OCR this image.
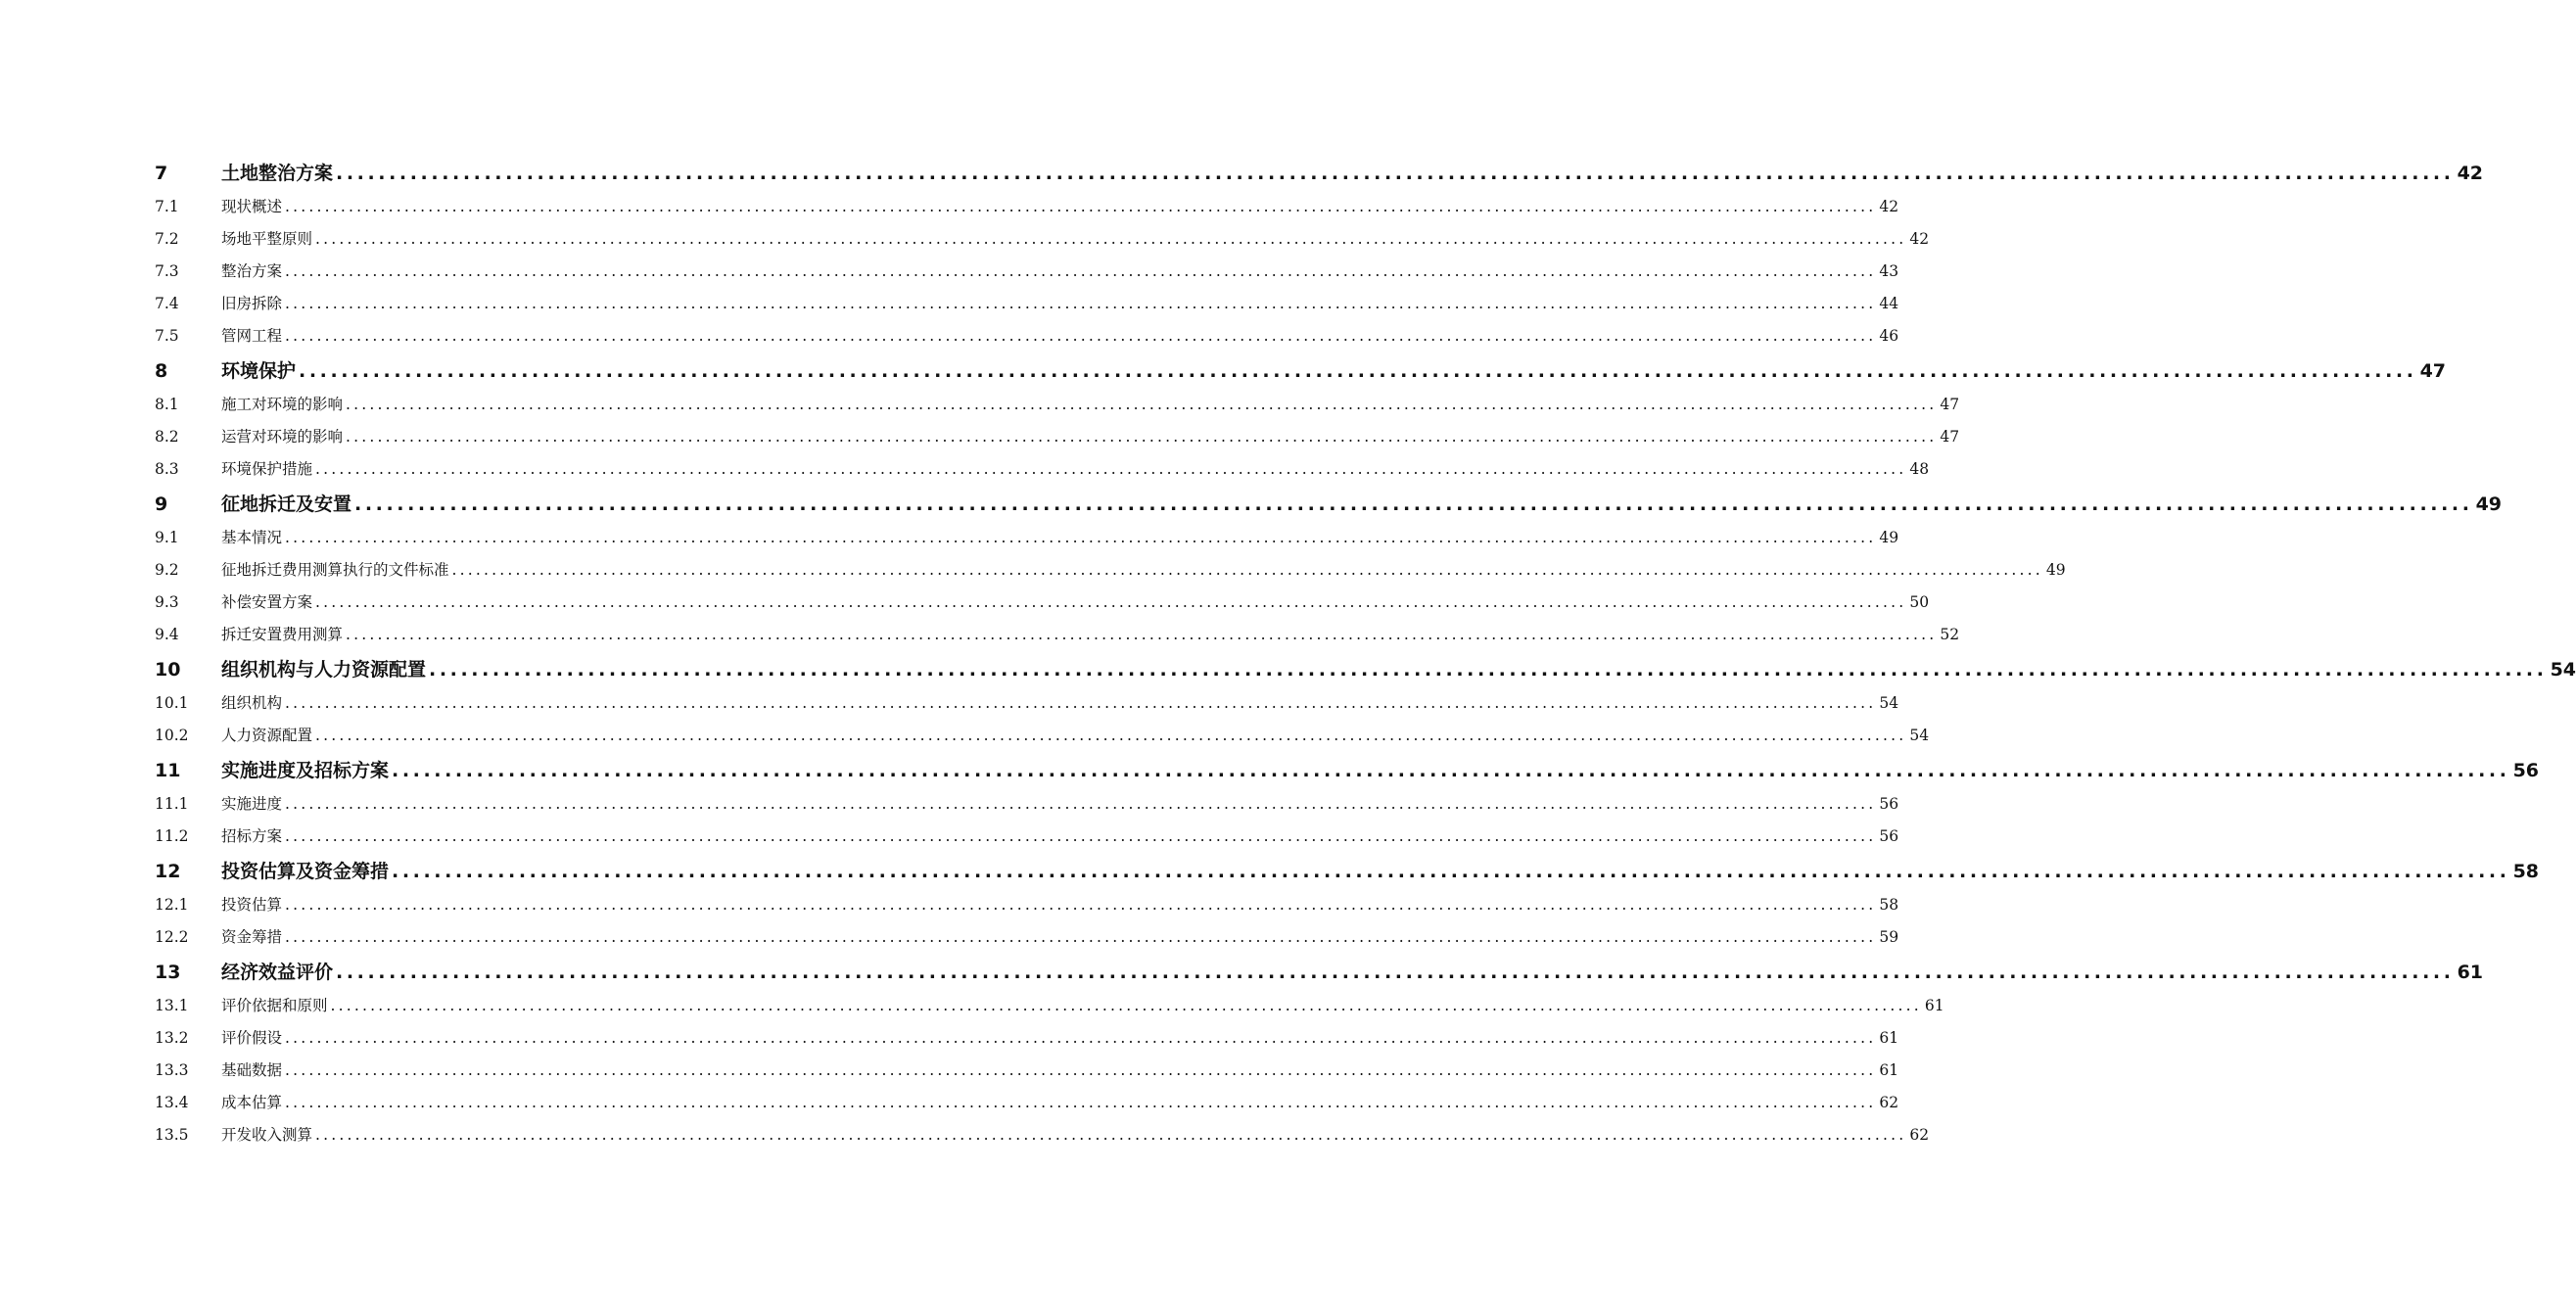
7	土地整治方案 ........................................................................................................................................................................................................ 42
7.1	现状概述 ........................................................................................................................................................................................................ 42
7.2	场地平整原则 ........................................................................................................................................................................................................ 42
7.3	整治方案 ........................................................................................................................................................................................................ 43
7.4	旧房拆除 ........................................................................................................................................................................................................ 44
7.5	管网工程 ........................................................................................................................................................................................................ 46
8	环境保护 ........................................................................................................................................................................................................ 47
8.1	施工对环境的影响 ........................................................................................................................................................................................................ 47
8.2	运营对环境的影响 ........................................................................................................................................................................................................ 47
8.3	环境保护措施 ........................................................................................................................................................................................................ 48
9	征地拆迁及安置 ........................................................................................................................................................................................................ 49
9.1	基本情况 ........................................................................................................................................................................................................ 49
9.2	征地拆迁费用测算执行的文件标准 ........................................................................................................................................................................................................ 49
9.3	补偿安置方案 ........................................................................................................................................................................................................ 50
9.4	拆迁安置费用测算 ........................................................................................................................................................................................................ 52
10	组织机构与人力资源配置 ........................................................................................................................................................................................................ 54
10.1	组织机构 ........................................................................................................................................................................................................ 54
10.2	人力资源配置 ........................................................................................................................................................................................................ 54
11	实施进度及招标方案 ........................................................................................................................................................................................................ 56
11.1	实施进度 ........................................................................................................................................................................................................ 56
11.2	招标方案 ........................................................................................................................................................................................................ 56
12	投资估算及资金筹措 ........................................................................................................................................................................................................ 58
12.1	投资估算 ........................................................................................................................................................................................................ 58
12.2	资金筹措 ........................................................................................................................................................................................................ 59
13	经济效益评价 ........................................................................................................................................................................................................ 61
13.1	评价依据和原则 ........................................................................................................................................................................................................ 61
13.2	评价假设 ........................................................................................................................................................................................................ 61
13.3	基础数据 ........................................................................................................................................................................................................ 61
13.4	成本估算 ........................................................................................................................................................................................................ 62
13.5	开发收入测算 ........................................................................................................................................................................................................ 62
